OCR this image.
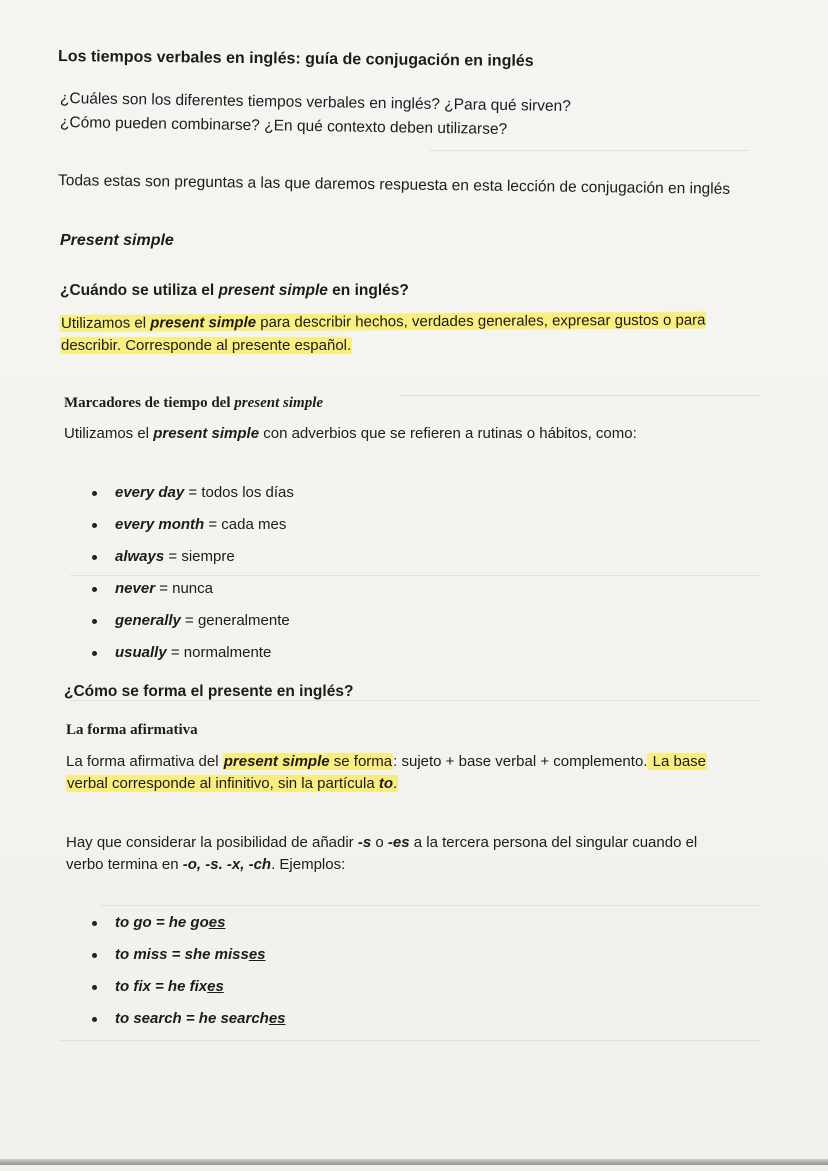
Los tiempos verbales en inglés: guía de conjugación en inglés
¿Cuáles son los diferentes tiempos verbales en inglés? ¿Para qué sirven?
¿Cómo pueden combinarse? ¿En qué contexto deben utilizarse?
Todas estas son preguntas a las que daremos respuesta en esta lección de conjugación en inglés
Present simple
¿Cuándo se utiliza el present simple en inglés?
Utilizamos el present simple para describir hechos, verdades generales, expresar gustos o para
describir. Corresponde al presente español.
Marcadores de tiempo del present simple
Utilizamos el present simple con adverbios que se refieren a rutinas o hábitos, como:
every day = todos los días
every month = cada mes
always = siempre
never = nunca
generally = generalmente
usually = normalmente
¿Cómo se forma el presente en inglés?
La forma afirmativa
La forma afirmativa del present simple se forma: sujeto + base verbal + complemento. La base
verbal corresponde al infinitivo, sin la partícula to.
Hay que considerar la posibilidad de añadir -s o -es a la tercera persona del singular cuando el
verbo termina en -o, -s. -x, -ch. Ejemplos:
to go = he goes
to miss = she misses
to fix = he fixes
to search = he searches
